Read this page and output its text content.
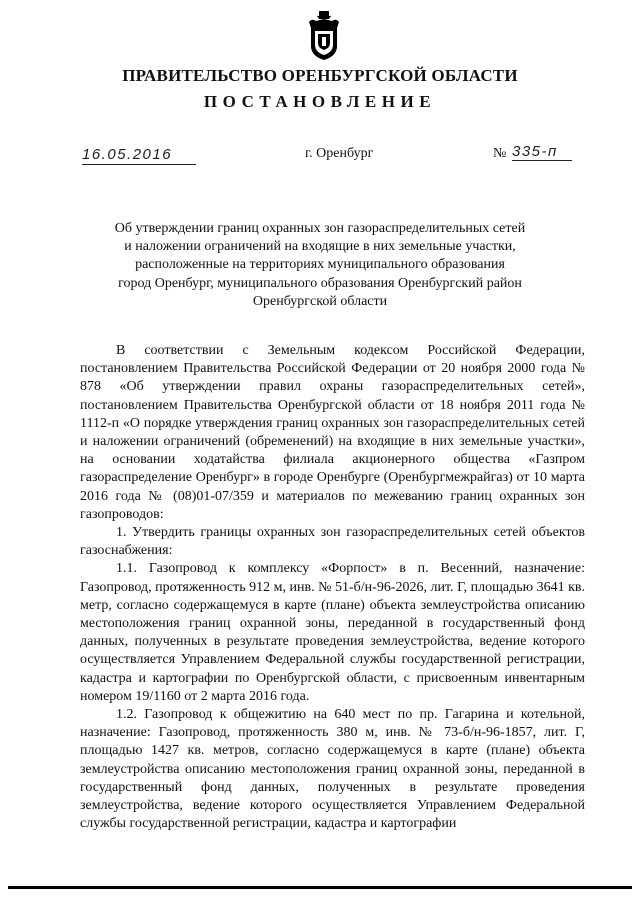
ПРАВИТЕЛЬСТВО ОРЕНБУРГСКОЙ ОБЛАСТИ
ПОСТАНОВЛЕНИЕ
16.05.2016	г. Оренбург	№ 335-п
Об утверждении границ охранных зон газораспределительных сетей
и наложении ограничений на входящие в них земельные участки,
расположенные на территориях муниципального образования
город Оренбург, муниципального образования Оренбургский район
Оренбургской области

В соответствии с Земельным кодексом Российской Федерации, постановлением Правительства Российской Федерации от 20 ноября 2000 года № 878 «Об утверждении правил охраны газораспределительных сетей», постановлением Правительства Оренбургской области от 18 ноября 2011 года № 1112-п «О порядке утверждения границ охранных зон газораспределительных сетей и наложении ограничений (обременений) на входящие в них земельные участки», на основании ходатайства филиала акционерного общества «Газпром газораспределение Оренбург» в городе Оренбурге (Оренбургмежрайгаз) от 10 марта 2016 года № (08)01-07/359 и материалов по межеванию границ охранных зон газопроводов:

1. Утвердить границы охранных зон газораспределительных сетей объектов газоснабжения:

1.1. Газопровод к комплексу «Форпост» в п. Весенний, назначение: Газопровод, протяженность 912 м, инв. № 51-б/н-96-2026, лит. Г, площадью 3641 кв. метр, согласно содержащемуся в карте (плане) объекта землеустройства описанию местоположения границ охранной зоны, переданной в государственный фонд данных, полученных в результате проведения землеустройства, ведение которого осуществляется Управлением Федеральной службы государственной регистрации, кадастра и картографии по Оренбургской области, с присвоенным инвентарным номером 19/1160 от 2 марта 2016 года.

1.2. Газопровод к общежитию на 640 мест по пр. Гагарина и котельной, назначение: Газопровод, протяженность 380 м, инв. № 73-б/н-96-1857, лит. Г, площадью 1427 кв. метров, согласно содержащемуся в карте (плане) объекта землеустройства описанию местоположения границ охранной зоны, переданной в государственный фонд данных, полученных в результате проведения землеустройства, ведение которого осуществляется Управлением Федеральной службы государственной регистрации, кадастра и картографии
